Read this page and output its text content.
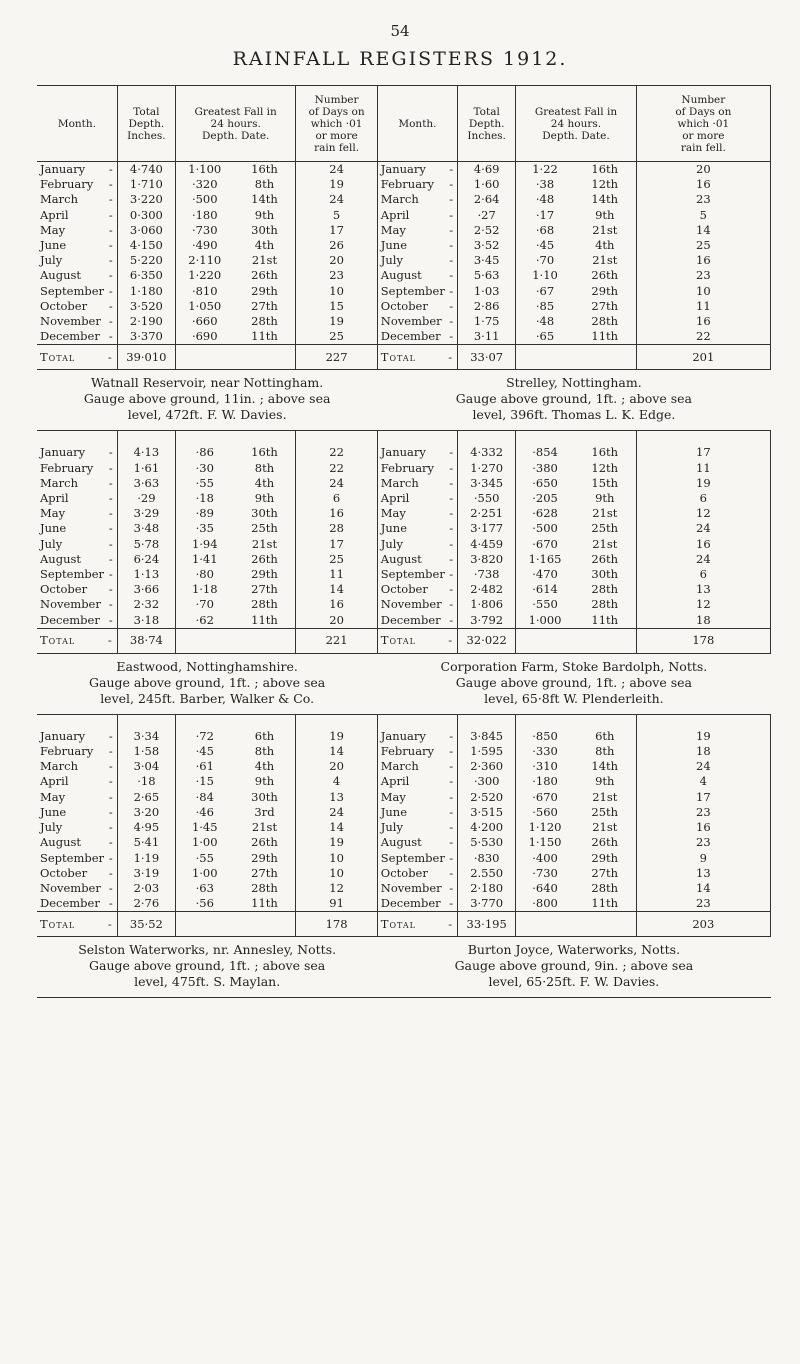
54
RAINFALL REGISTERS 1912.
Month.	Total
Depth.
Inches.	Greatest Fall in
24 hours.
Depth. Date.		Number
of Days on
which ·01
or more
rain fell.	Month.	Total
Depth.
Inches.	Greatest Fall in
24 hours.
Depth. Date.		Number
of Days on
which ·01
or more
rain fell.

January -	4·740	1·100	16th	24	January -	4·69	1·22	16th	20

February -	1·710	·320	8th	19	February -	1·60	·38	12th	16

March -	3·220	·500	14th	24	March -	2·64	·48	14th	23

April -	0·300	·180	9th	5	April -	·27	·17	9th	5

May -	3·060	·730	30th	17	May -	2·52	·68	21st	14

June -	4·150	·490	4th	26	June -	3·52	·45	4th	25

July -	5·220	2·110	21st	20	July -	3·45	·70	21st	16

August -	6·350	1·220	26th	23	August -	5·63	1·10	26th	23

September -	1·180	·810	29th	10	September -	1·03	·67	29th	10

October -	3·520	1·050	27th	15	October -	2·86	·85	27th	11

November -	2·190	·660	28th	19	November -	1·75	·48	28th	16

December -	3·370	·690	11th	25	December -	3·11	·65	11th	22

Total -	39·010			227	Total -	33·07			201
Watnall Reservoir, near Nottingham.
Gauge above ground, 11in. ; above sea
level, 472ft. F. W. Davies.					Strelley, Nottingham.
Gauge above ground, 1ft. ; above sea
level, 396ft. Thomas L. K. Edge.				

January -	4·13	·86	16th	22	January -	4·332	·854	16th	17

February -	1·61	·30	8th	22	February -	1·270	·380	12th	11

March -	3·63	·55	4th	24	March -	3·345	·650	15th	19

April -	·29	·18	9th	6	April -	·550	·205	9th	6

May -	3·29	·89	30th	16	May -	2·251	·628	21st	12

June -	3·48	·35	25th	28	June -	3·177	·500	25th	24

July -	5·78	1·94	21st	17	July -	4·459	·670	21st	16

August -	6·24	1·41	26th	25	August -	3·820	1·165	26th	24

September -	1·13	·80	29th	11	September -	·738	·470	30th	6

October -	3·66	1·18	27th	14	October -	2·482	·614	28th	13

November -	2·32	·70	28th	16	November -	1·806	·550	28th	12

December -	3·18	·62	11th	20	December -	3·792	1·000	11th	18

Total -	38·74			221	Total -	32·022			178
Eastwood, Nottinghamshire.
Gauge above ground, 1ft. ; above sea
level, 245ft. Barber, Walker & Co.					Corporation Farm, Stoke Bardolph, Notts.
Gauge above ground, 1ft. ; above sea
level, 65·8ft W. Plenderleith.				

January -	3·34	·72	6th	19	January -	3·845	·850	6th	19

February -	1·58	·45	8th	14	February -	1·595	·330	8th	18

March -	3·04	·61	4th	20	March -	2·360	·310	14th	24

April -	·18	·15	9th	4	April -	·300	·180	9th	4

May -	2·65	·84	30th	13	May -	2·520	·670	21st	17

June -	3·20	·46	3rd	24	June -	3·515	·560	25th	23

July -	4·95	1·45	21st	14	July -	4·200	1·120	21st	16

August -	5·41	1·00	26th	19	August -	5·530	1·150	26th	23

September -	1·19	·55	29th	10	September -	·830	·400	29th	9

October -	3·19	1·00	27th	10	October -	2.550	·730	27th	13

November -	2·03	·63	28th	12	November -	2·180	·640	28th	14

December -	2·76	·56	11th	91	December -	3·770	·800	11th	23

Total -	35·52			178	Total -	33·195			203
Selston Waterworks, nr. Annesley, Notts.
Gauge above ground, 1ft. ; above sea
level, 475ft. S. Maylan.					Burton Joyce, Waterworks, Notts.
Gauge above ground, 9in. ; above sea
level, 65·25ft. F. W. Davies.				
